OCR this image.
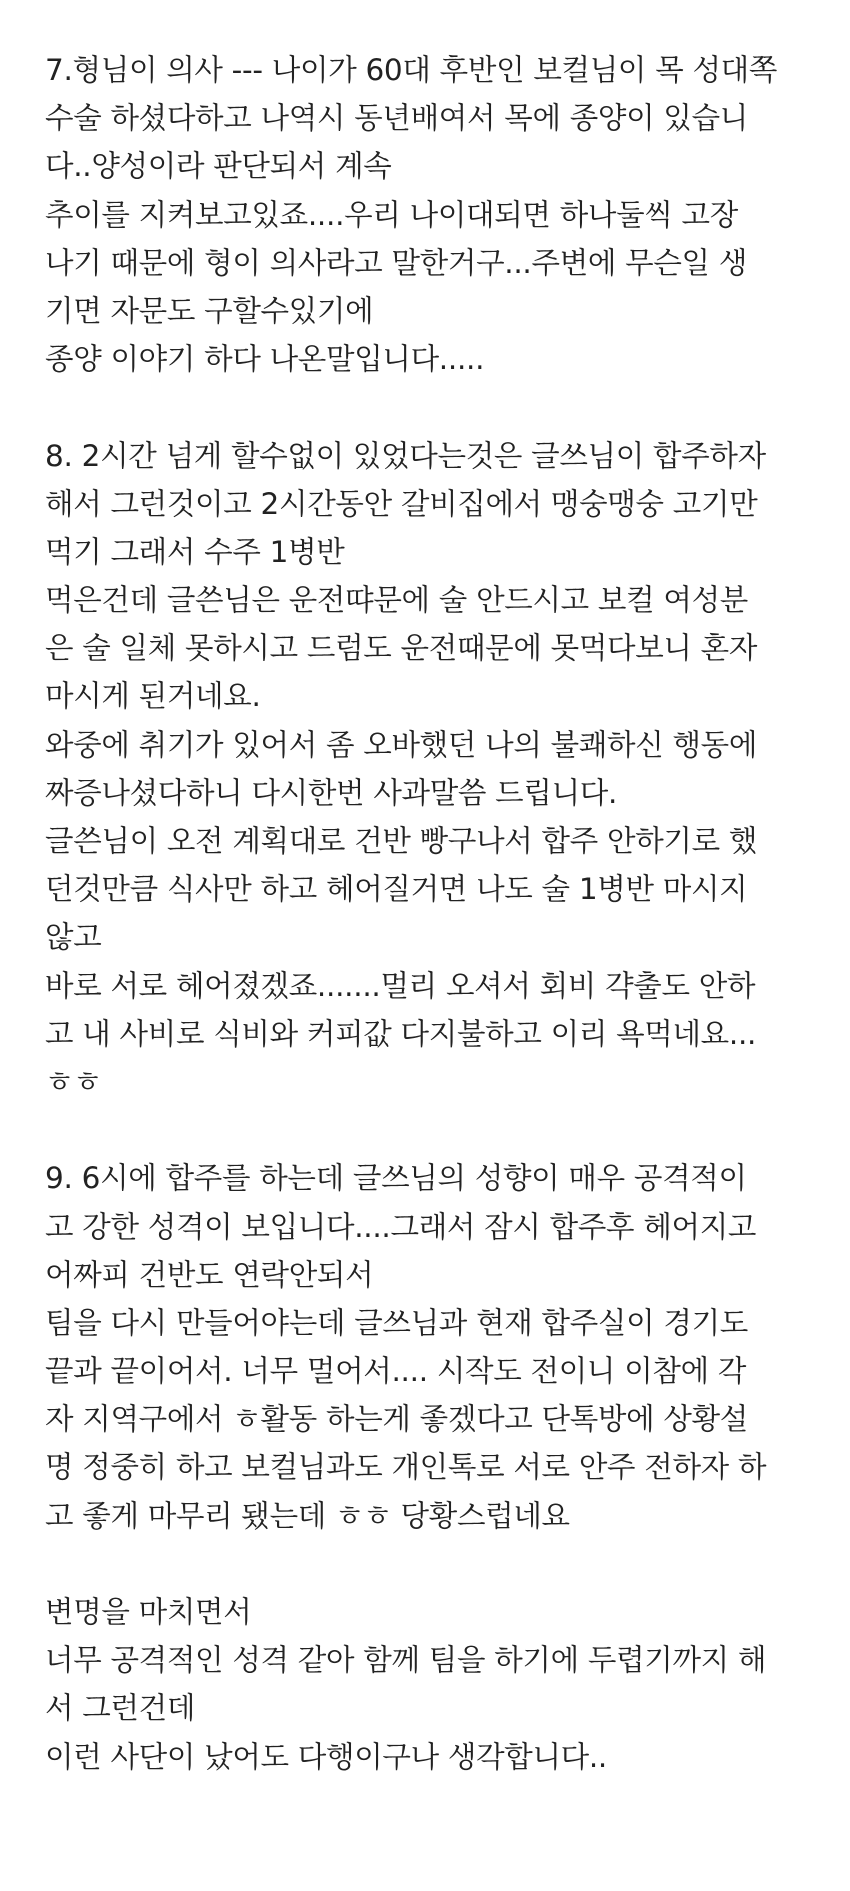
7.형님이 의사 --- 나이가 60대 후반인 보컬님이 목 성대쪽
수술 하셨다하고 나역시 동년배여서 목에 종양이 있습니
다..양성이라 판단되서 계속
추이를 지켜보고있죠....우리 나이대되면 하나둘씩 고장
나기 때문에 형이 의사라고 말한거구...주변에 무슨일 생
기면 자문도 구할수있기에
종양 이야기 하다 나온말입니다.....
8. 2시간 넘게 할수없이 있었다는것은 글쓰님이 합주하자
해서 그런것이고 2시간동안 갈비집에서 맹숭맹숭 고기만
먹기 그래서 수주 1병반
먹은건데 글쓴님은 운전땨문에 술 안드시고 보컬 여성분
은 술 일체 못하시고 드럼도 운전때문에 못먹다보니 혼자
마시게 된거네요.
와중에 취기가 있어서 좀 오바했던 나의 불쾌하신 행동에
짜증나셨다하니 다시한번 사과말씀 드립니다.
글쓴님이 오전 계획대로 건반 빵구나서 합주 안하기로 했
던것만큼 식사만 하고 헤어질거면 나도 술 1병반 마시지
않고
바로 서로 헤어졌겠죠.......멀리 오셔서 회비 갹출도 안하
고 내 사비로 식비와 커피값 다지불하고 이리 욕먹네요...
ㅎㅎ
9. 6시에 합주를 하는데 글쓰님의 성향이 매우 공격적이
고 강한 성격이 보입니다....그래서 잠시 합주후 헤어지고
어짜피 건반도 연락안되서
팀을 다시 만들어야는데 글쓰님과 현재 합주실이 경기도
끝과 끝이어서. 너무 멀어서.... 시작도 전이니 이참에 각
자 지역구에서 ㅎ활동 하는게 좋겠다고 단톡방에 상황설
명 정중히 하고 보컬님과도 개인톡로 서로 안주 전하자 하
고 좋게 마무리 됐는데 ㅎㅎ 당황스럽네요
변명을 마치면서
너무 공격적인 성격 같아 함께 팀을 하기에 두렵기까지 해
서 그런건데
이런 사단이 났어도 다행이구나 생각합니다..
